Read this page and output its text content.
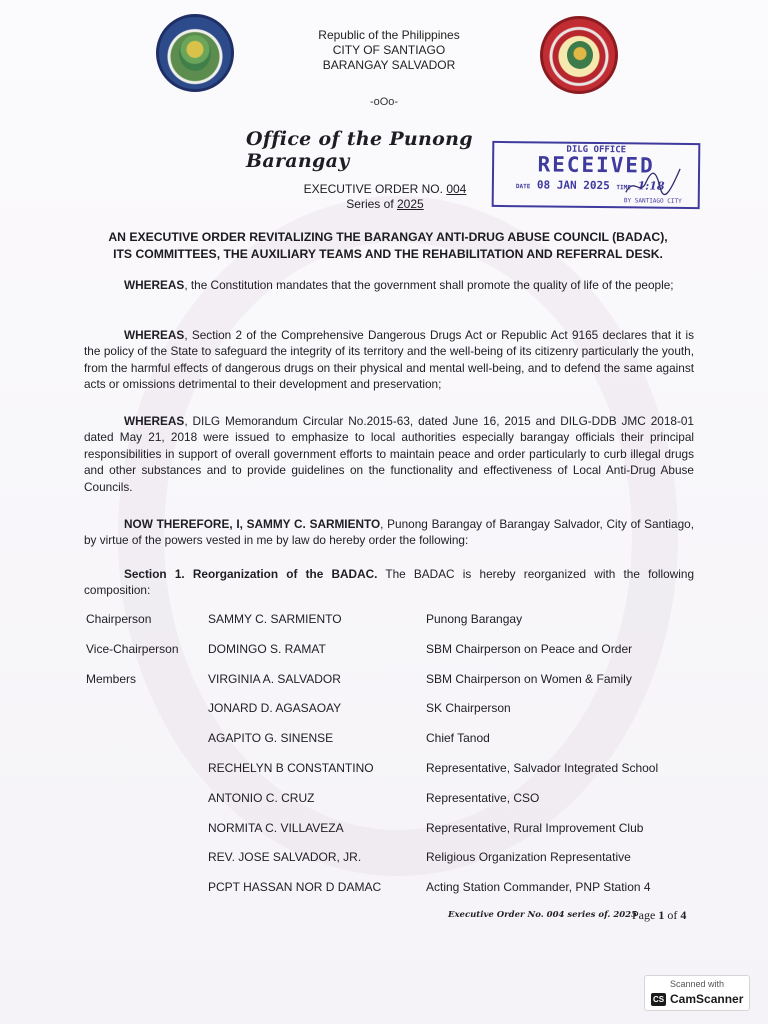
Republic of the Philippines
CITY OF SANTIAGO
BARANGAY SALVADOR
-oOo-
Office of the Punong Barangay
EXECUTIVE ORDER NO. 004
Series of 2025
DILG OFFICE
RECEIVED
DATE 08 JAN 2025 TIME 1:18
BY SANTIAGO CITY
AN EXECUTIVE ORDER REVITALIZING THE BARANGAY ANTI-DRUG ABUSE COUNCIL (BADAC),
ITS COMMITTEES, THE AUXILIARY TEAMS AND THE REHABILITATION AND REFERRAL DESK.
WHEREAS, the Constitution mandates that the government shall promote the quality of life of the people;
WHEREAS, Section 2 of the Comprehensive Dangerous Drugs Act or Republic Act 9165 declares that it is the policy of the State to safeguard the integrity of its territory and the well-being of its citizenry particularly the youth, from the harmful effects of dangerous drugs on their physical and mental well-being, and to defend the same against acts or omissions detrimental to their development and preservation;
WHEREAS, DILG Memorandum Circular No.2015-63, dated June 16, 2015 and DILG-DDB JMC 2018-01 dated May 21, 2018 were issued to emphasize to local authorities especially barangay officials their principal responsibilities in support of overall government efforts to maintain peace and order particularly to curb illegal drugs and other substances and to provide guidelines on the functionality and effectiveness of Local Anti-Drug Abuse Councils.
NOW THEREFORE, I, SAMMY C. SARMIENTO, Punong Barangay of Barangay Salvador, City of Santiago, by virtue of the powers vested in me by law do hereby order the following:
Section 1. Reorganization of the BADAC. The BADAC is hereby reorganized with the following composition:
Chairperson	SAMMY C. SARMIENTO	Punong Barangay
Vice-Chairperson DOMINGO S. RAMAT	SBM Chairperson on Peace and Order
Members	VIRGINIA A. SALVADOR	SBM Chairperson on Women & Family
JONARD D. AGASAOAY	SK Chairperson
AGAPITO G. SINENSE	Chief Tanod
RECHELYN B CONSTANTINO	Representative, Salvador Integrated School
ANTONIO C. CRUZ	Representative, CSO
NORMITA C. VILLAVEZA	Representative, Rural Improvement Club
REV. JOSE SALVADOR, JR.	Religious Organization Representative
PCPT HASSAN NOR D DAMAC	Acting Station Commander, PNP Station 4
Executive Order No. 004 series of. 2025
Page 1 of 4
Scanned with
CS CamScanner
